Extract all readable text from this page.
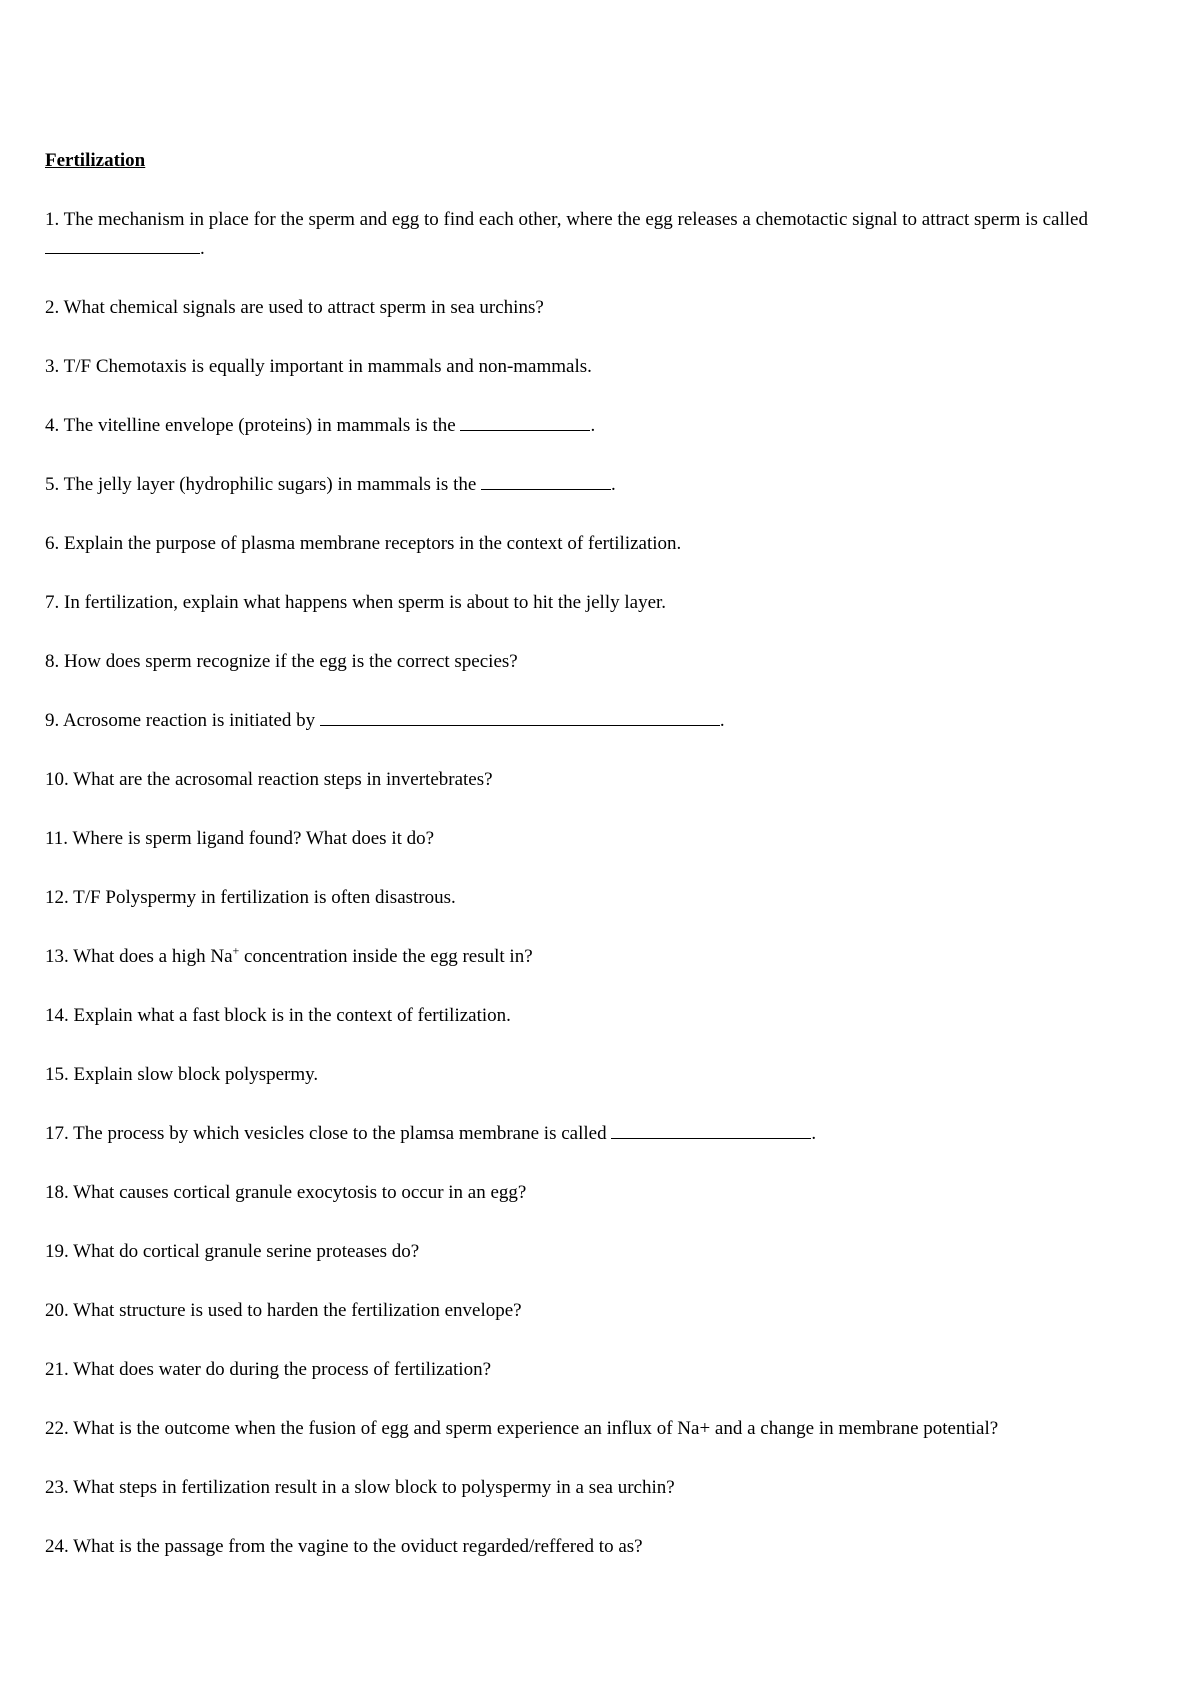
Fertilization
1. The mechanism in place for the sperm and egg to find each other, where the egg releases a chemotactic signal to attract sperm is called .
2. What chemical signals are used to attract sperm in sea urchins?
3. T/F Chemotaxis is equally important in mammals and non-mammals.
4. The vitelline envelope (proteins) in mammals is the	.
5. The jelly layer (hydrophilic sugars) in mammals is the	.
6. Explain the purpose of plasma membrane receptors in the context of fertilization.
7. In fertilization, explain what happens when sperm is about to hit the jelly layer.
8. How does sperm recognize if the egg is the correct species?
9. Acrosome reaction is initiated by	.
10. What are the acrosomal reaction steps in invertebrates?
11. Where is sperm ligand found? What does it do?
12. T/F Polyspermy in fertilization is often disastrous.
13. What does a high Na+ concentration inside the egg result in?
14. Explain what a fast block is in the context of fertilization.
15. Explain slow block polyspermy.
17. The process by which vesicles close to the plamsa membrane is called	.
18. What causes cortical granule exocytosis to occur in an egg?
19. What do cortical granule serine proteases do?
20. What structure is used to harden the fertilization envelope?
21. What does water do during the process of fertilization?
22. What is the outcome when the fusion of egg and sperm experience an influx of Na+ and a change in membrane potential?
23. What steps in fertilization result in a slow block to polyspermy in a sea urchin?
24. What is the passage from the vagine to the oviduct regarded/reffered to as?
